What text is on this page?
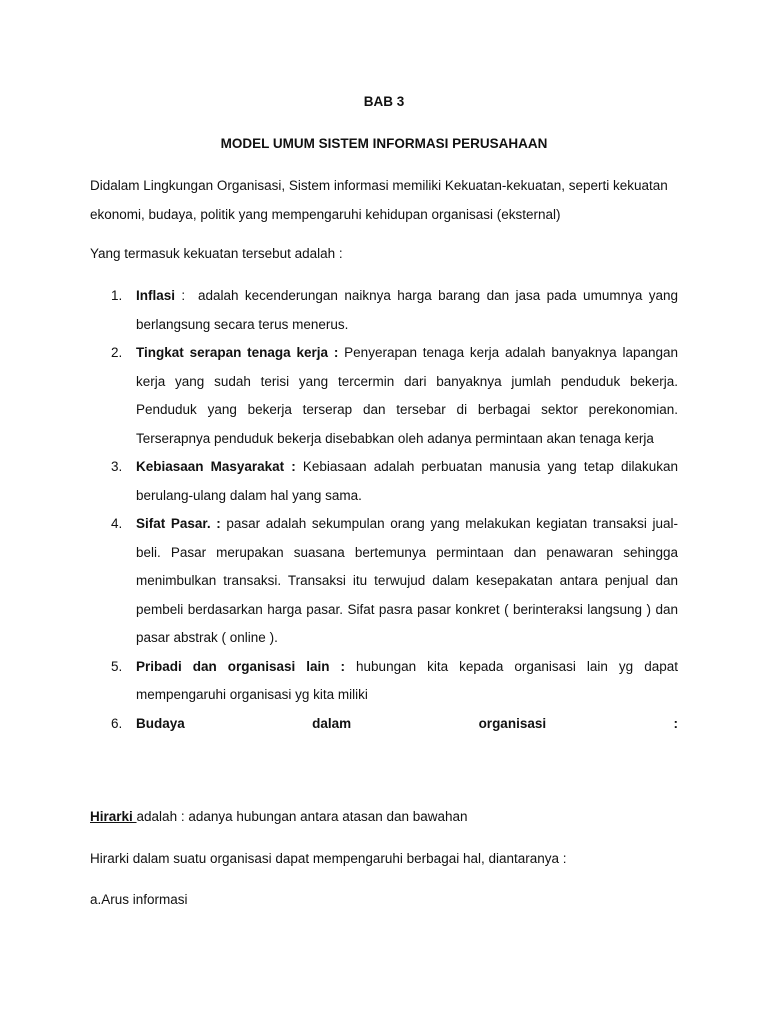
BAB 3
MODEL UMUM SISTEM INFORMASI PERUSAHAAN
Didalam Lingkungan Organisasi, Sistem informasi memiliki Kekuatan-kekuatan, seperti kekuatan ekonomi, budaya, politik yang mempengaruhi kehidupan organisasi (eksternal)
Yang termasuk kekuatan tersebut adalah :
1. Inflasi :  adalah kecenderungan naiknya harga barang dan jasa pada umumnya yang berlangsung secara terus menerus.
2. Tingkat serapan tenaga kerja : Penyerapan tenaga kerja adalah banyaknya lapangan kerja yang sudah terisi yang tercermin dari banyaknya jumlah penduduk bekerja. Penduduk yang bekerja terserap dan tersebar di berbagai sektor perekonomian. Terserapnya penduduk bekerja disebabkan oleh adanya permintaan akan tenaga kerja
3. Kebiasaan Masyarakat : Kebiasaan adalah perbuatan manusia yang tetap dilakukan berulang-ulang dalam hal yang sama.
4. Sifat Pasar. : pasar adalah sekumpulan orang yang melakukan kegiatan transaksi jual-beli. Pasar merupakan suasana bertemunya permintaan dan penawaran sehingga menimbulkan transaksi. Transaksi itu terwujud dalam kesepakatan antara penjual dan pembeli berdasarkan harga pasar. Sifat pasra pasar konkret ( berinteraksi langsung ) dan pasar abstrak ( online ).
5. Pribadi dan organisasi lain : hubungan kita kepada organisasi lain yg dapat mempengaruhi organisasi yg kita miliki
6. Budaya	dalam	organisasi	:
Hirarki adalah : adanya hubungan antara atasan dan bawahan
Hirarki dalam suatu organisasi dapat mempengaruhi berbagai hal, diantaranya :
a.Arus informasi
